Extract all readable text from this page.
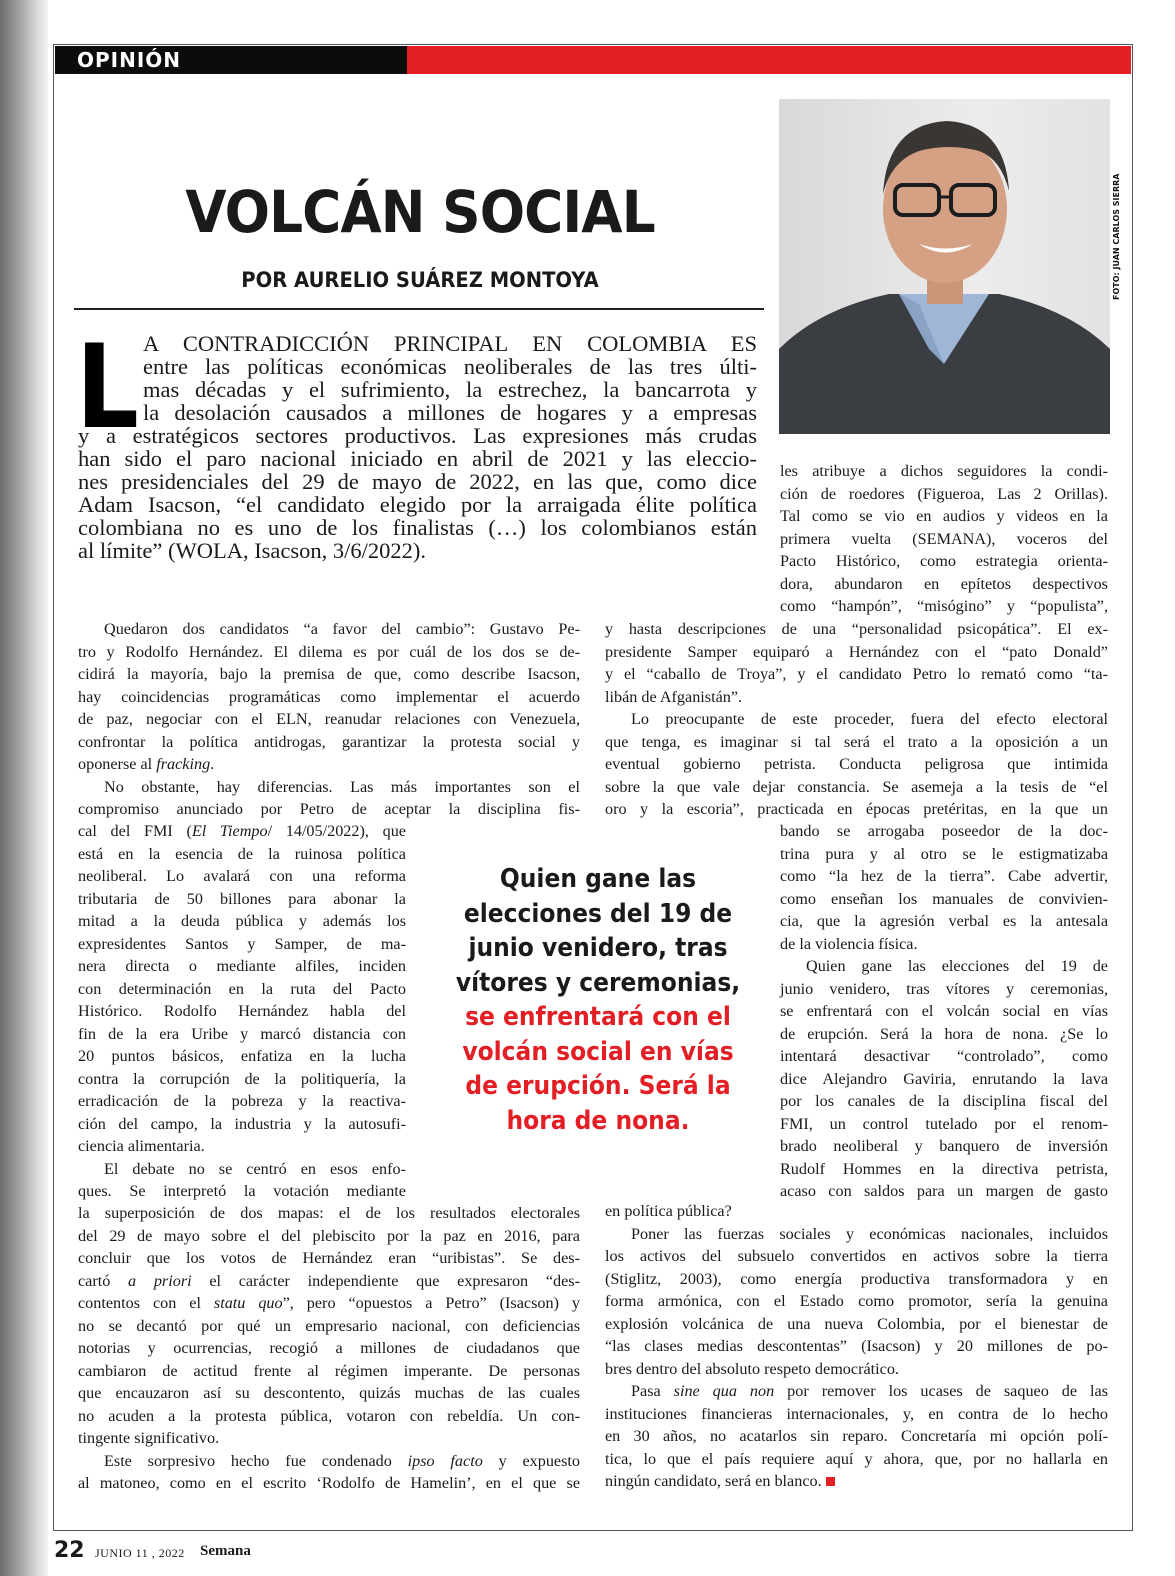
OPINIÓN
VOLCÁN SOCIAL
POR AURELIO SUÁREZ MONTOYA	FOTO: JUAN CARLOS SIERRA
L A CONTRADICCIÓN PRINCIPAL EN COLOMBIA ES
entre las políticas económicas neoliberales de las tres últi-
mas décadas y el sufrimiento, la estrechez, la bancarrota y
la desolación causados a millones de hogares y a empresas
y a estratégicos sectores productivos. Las expresiones más crudas
han sido el paro nacional iniciado en abril de 2021 y las eleccio-
nes presidenciales del 29 de mayo de 2022, en las que, como dice
Adam Isacson, “el candidato elegido por la arraigada élite política
colombiana no es uno de los finalistas (…) los colombianos están
al límite” (WOLA, Isacson, 3/6/2022).
Quedaron dos candidatos “a favor del cambio”: Gustavo Pe-
tro y Rodolfo Hernández. El dilema es por cuál de los dos se de-
cidirá la mayoría, bajo la premisa de que, como describe Isacson,
hay coincidencias programáticas como implementar el acuerdo
de paz, negociar con el ELN, reanudar relaciones con Venezuela,
confrontar la política antidrogas, garantizar la protesta social y
oponerse al fracking.
No obstante, hay diferencias. Las más importantes son el
compromiso anunciado por Petro de aceptar la disciplina fis-
cal del FMI (El Tiempo/ 14/05/2022), que
está en la esencia de la ruinosa política
neoliberal. Lo avalará con una reforma
tributaria de 50 billones para abonar la
mitad a la deuda pública y además los
expresidentes Santos y Samper, de ma-
nera directa o mediante alfiles, inciden
con determinación en la ruta del Pacto
Histórico. Rodolfo Hernández habla del
fin de la era Uribe y marcó distancia con
20 puntos básicos, enfatiza en la lucha
contra la corrupción de la politiquería, la
erradicación de la pobreza y la reactiva-
ción del campo, la industria y la autosufi-
ciencia alimentaria.
El debate no se centró en esos enfo-
ques. Se interpretó la votación mediante
la superposición de dos mapas: el de los resultados electorales
del 29 de mayo sobre el del plebiscito por la paz en 2016, para
concluir que los votos de Hernández eran “uribistas”. Se des-
cartó a priori el carácter independiente que expresaron “des-
contentos con el statu quo”, pero “opuestos a Petro” (Isacson) y
no se decantó por qué un empresario nacional, con deficiencias
notorias y ocurrencias, recogió a millones de ciudadanos que
cambiaron de actitud frente al régimen imperante. De personas
que encauzaron así su descontento, quizás muchas de las cuales
no acuden a la protesta pública, votaron con rebeldía. Un con-
tingente significativo.
Este sorpresivo hecho fue condenado ipso facto y expuesto
al matoneo, como en el escrito ‘Rodolfo de Hamelin’, en el que se
les atribuye a dichos seguidores la condi-
ción de roedores (Figueroa, Las 2 Orillas).
Tal como se vio en audios y videos en la
primera vuelta (SEMANA), voceros del
Pacto Histórico, como estrategia orienta-
dora, abundaron en epítetos despectivos
como “hampón”, “misógino” y “populista”,
y hasta descripciones de una “personalidad psicopática”. El ex-
presidente Samper equiparó a Hernández con el “pato Donald”
y el “caballo de Troya”, y el candidato Petro lo remató como “ta-
libán de Afganistán”.
Lo preocupante de este proceder, fuera del efecto electoral
que tenga, es imaginar si tal será el trato a la oposición a un
eventual gobierno petrista. Conducta peligrosa que intimida
sobre la que vale dejar constancia. Se asemeja a la tesis de “el
oro y la escoria”, practicada en épocas pretéritas, en la que un
bando se arrogaba poseedor de la doc-
trina pura y al otro se le estigmatizaba
como “la hez de la tierra”. Cabe advertir,
como enseñan los manuales de convivien-
cia, que la agresión verbal es la antesala
de la violencia física.
Quien gane las elecciones del 19 de
junio venidero, tras vítores y ceremonias,
se enfrentará con el volcán social en vías
de erupción. Será la hora de nona. ¿Se lo
intentará desactivar “controlado”, como
dice Alejandro Gaviria, enrutando la lava
por los canales de la disciplina fiscal del
FMI, un control tutelado por el renom-
brado neoliberal y banquero de inversión
Rudolf Hommes en la directiva petrista,
acaso con saldos para un margen de gasto
en política pública?
Poner las fuerzas sociales y económicas nacionales, incluidos
los activos del subsuelo convertidos en activos sobre la tierra
(Stiglitz, 2003), como energía productiva transformadora y en
forma armónica, con el Estado como promotor, sería la genuina
explosión volcánica de una nueva Colombia, por el bienestar de
“las clases medias descontentas” (Isacson) y 20 millones de po-
bres dentro del absoluto respeto democrático.
Pasa sine qua non por remover los ucases de saqueo de las
instituciones financieras internacionales, y, en contra de lo hecho
en 30 años, no acatarlos sin reparo. Concretaría mi opción polí-
tica, lo que el país requiere aquí y ahora, que, por no hallarla en
ningún candidato, será en blanco.
Quien gane las
elecciones del 19 de
junio venidero, tras
vítores y ceremonias,
se enfrentará con el
volcán social en vías
de erupción. Será la
hora de nona.
22 JUNIO 11 , 2022 Semana
